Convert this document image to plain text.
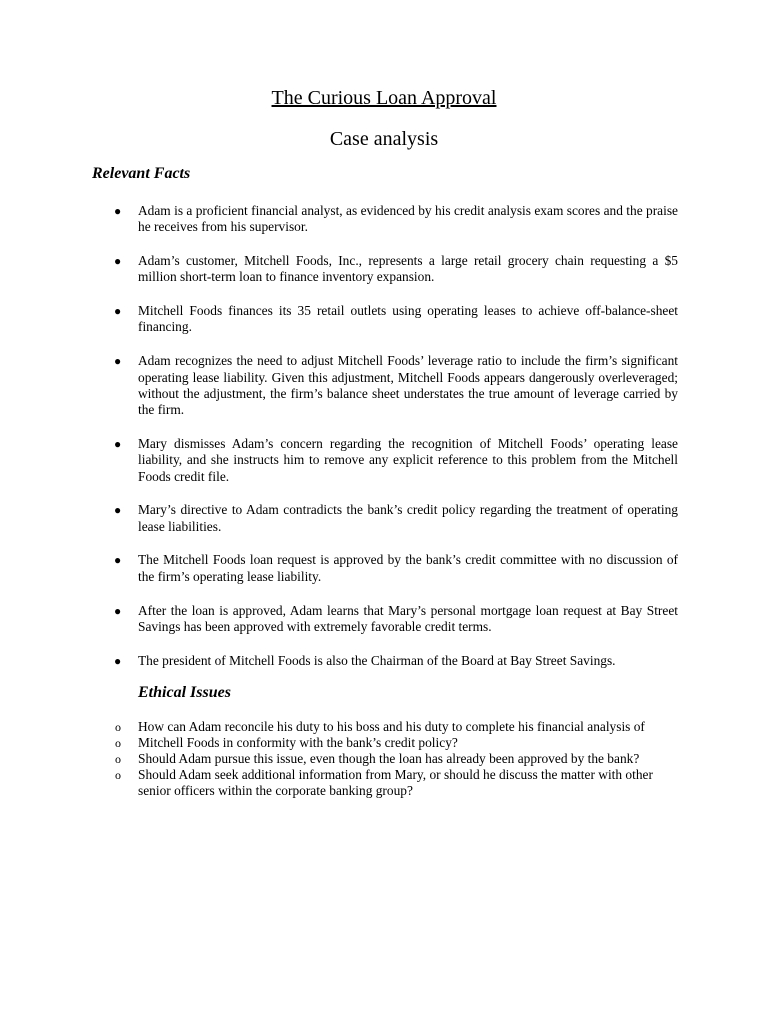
The Curious Loan Approval
Case analysis
Relevant Facts
● Adam is a proficient financial analyst, as evidenced by his credit analysis exam scores and the praise he receives from his supervisor.
● Adam’s customer, Mitchell Foods, Inc., represents a large retail grocery chain requesting a $5 million short-term loan to finance inventory expansion.
● Mitchell Foods finances its 35 retail outlets using operating leases to achieve off-balance-sheet financing.
● Adam recognizes the need to adjust Mitchell Foods’ leverage ratio to include the firm’s significant operating lease liability. Given this adjustment, Mitchell Foods appears dangerously overleveraged; without the adjustment, the firm’s balance sheet understates the true amount of leverage carried by the firm.
● Mary dismisses Adam’s concern regarding the recognition of Mitchell Foods’ operating lease liability, and she instructs him to remove any explicit reference to this problem from the Mitchell Foods credit file.
● Mary’s directive to Adam contradicts the bank’s credit policy regarding the treatment of operating lease liabilities.
● The Mitchell Foods loan request is approved by the bank’s credit committee with no discussion of the firm’s operating lease liability.
● After the loan is approved, Adam learns that Mary’s personal mortgage loan request at Bay Street Savings has been approved with extremely favorable credit terms.
● The president of Mitchell Foods is also the Chairman of the Board at Bay Street Savings.
Ethical Issues
o How can Adam reconcile his duty to his boss and his duty to complete his financial analysis of
o Mitchell Foods in conformity with the bank’s credit policy?
o Should Adam pursue this issue, even though the loan has already been approved by the bank?
o Should Adam seek additional information from Mary, or should he discuss the matter with other senior officers within the corporate banking group?
